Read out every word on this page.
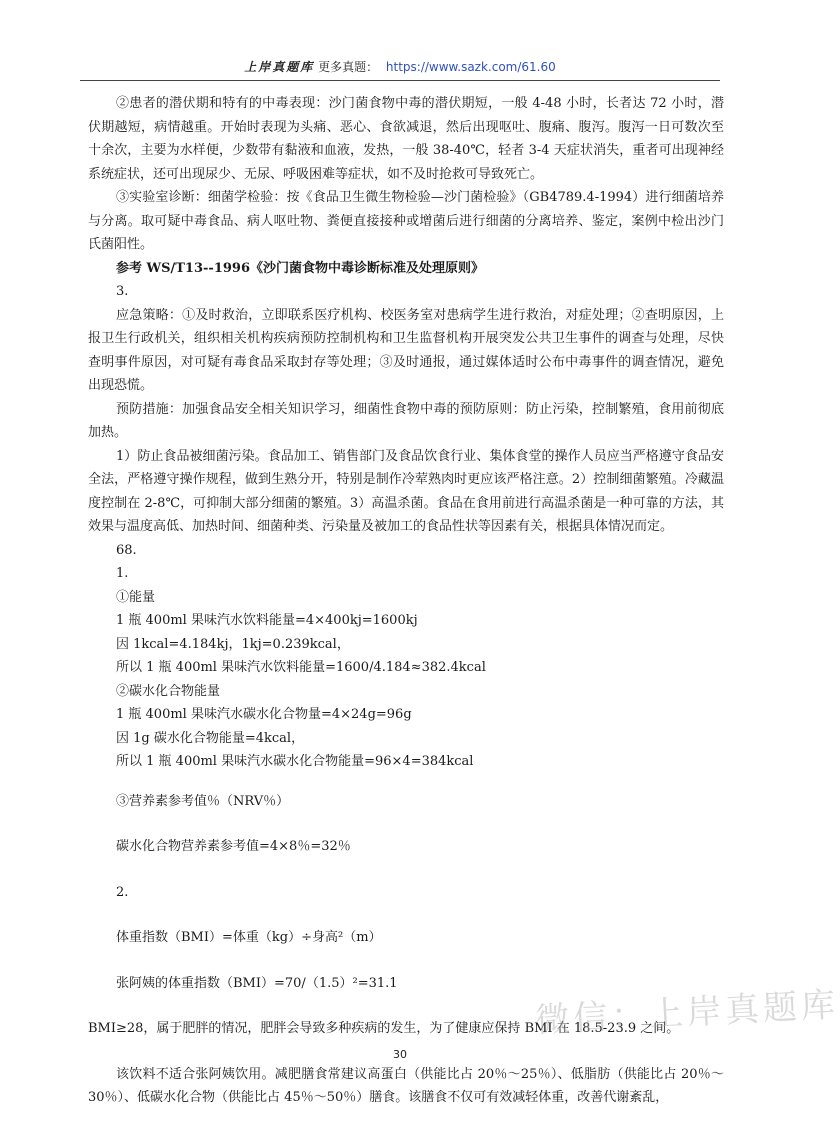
上岸真题库 更多真题： https://www.sazk.com/61.60

②患者的潜伏期和特有的中毒表现：沙门菌食物中毒的潜伏期短，一般 4-48 小时，长者达 72 小时，潜伏期越短，病情越重。开始时表现为头痛、恶心、食欲减退，然后出现呕吐、腹痛、腹泻。腹泻一日可数次至十余次，主要为水样便，少数带有黏液和血液，发热，一般 38-40℃，轻者 3-4 天症状消失，重者可出现神经系统症状，还可出现尿少、无尿、呼吸困难等症状，如不及时抢救可导致死亡。

③实验室诊断：细菌学检验：按《食品卫生微生物检验—沙门菌检验》（GB4789.4-1994）进行细菌培养与分离。取可疑中毒食品、病人呕吐物、粪便直接接种或增菌后进行细菌的分离培养、鉴定，案例中检出沙门氏菌阳性。

参考 WS/T13--1996《沙门菌食物中毒诊断标准及处理原则》

3.

应急策略：①及时救治，立即联系医疗机构、校医务室对患病学生进行救治，对症处理；②查明原因，上报卫生行政机关，组织相关机构疾病预防控制机构和卫生监督机构开展突发公共卫生事件的调查与处理，尽快查明事件原因，对可疑有毒食品采取封存等处理；③及时通报，通过媒体适时公布中毒事件的调查情况，避免出现恐慌。

预防措施：加强食品安全相关知识学习，细菌性食物中毒的预防原则：防止污染，控制繁殖，食用前彻底加热。

1）防止食品被细菌污染。食品加工、销售部门及食品饮食行业、集体食堂的操作人员应当严格遵守食品安全法，严格遵守操作规程，做到生熟分开，特别是制作冷荤熟肉时更应该严格注意。2）控制细菌繁殖。冷藏温度控制在 2-8℃，可抑制大部分细菌的繁殖。3）高温杀菌。食品在食用前进行高温杀菌是一种可靠的方法，其效果与温度高低、加热时间、细菌种类、污染量及被加工的食品性状等因素有关，根据具体情况而定。

68.

1.

①能量

1 瓶 400ml 果味汽水饮料能量=4×400kj=1600kj

因 1kcal=4.184kj，1kj=0.239kcal，

所以 1 瓶 400ml 果味汽水饮料能量=1600/4.184≈382.4kcal

②碳水化合物能量

1 瓶 400ml 果味汽水碳水化合物量=4×24g=96g

因 1g 碳水化合物能量=4kcal，

所以 1 瓶 400ml 果味汽水碳水化合物能量=96×4=384kcal

③营养素参考值％（NRV％）

碳水化合物营养素参考值=4×8％=32％

2.

体重指数（BMI）=体重（kg）÷身高²（m）

张阿姨的体重指数（BMI）=70/（1.5）²=31.1

BMI≥28，属于肥胖的情况，肥胖会导致多种疾病的发生，为了健康应保持 BMI 在 18.5-23.9 之间。

该饮料不适合张阿姨饮用。减肥膳食常建议高蛋白（供能比占 20％～25％）、低脂肪（供能比占 20％～30％）、低碳水化合物（供能比占 45％～50％）膳食。该膳食不仅可有效减轻体重，改善代谢紊乱，

微信：上岸真题库
30
